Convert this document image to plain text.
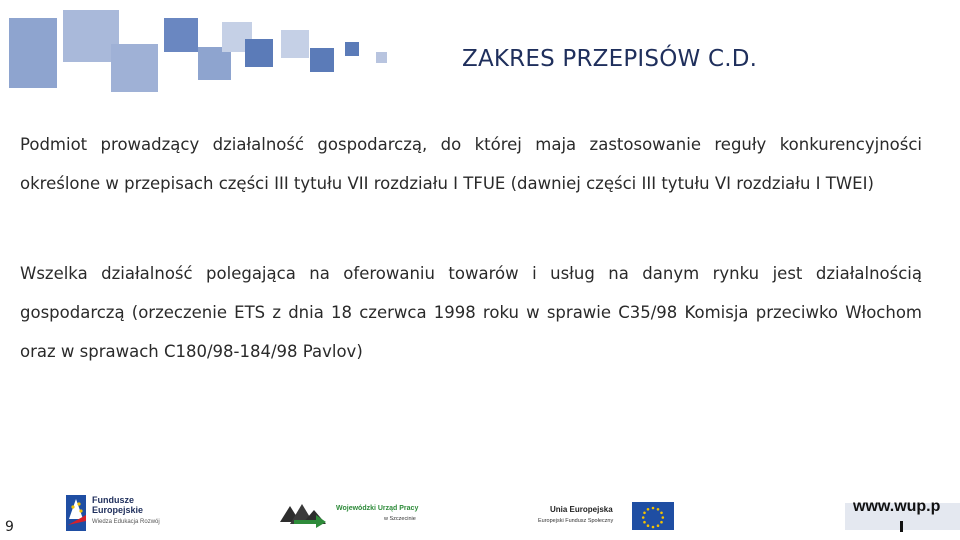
ZAKRES PRZEPISÓW C.D.
Podmiot prowadzący działalność gospodarczą, do której maja zastosowanie reguły konkurencyjności określone w przepisach części III tytułu VII rozdziału I TFUE (dawniej części III tytułu VI rozdziału I TWEI)
Wszelka działalność polegająca na oferowaniu towarów i usług na danym rynku jest działalnością gospodarczą (orzeczenie ETS z dnia 18 czerwca 1998 roku w sprawie C35/98 Komisja przeciwko Włochom oraz w sprawach C180/98-184/98 Pavlov)
9
Fundusze
Europejskie
Wiedza Edukacja Rozwój
Wojewódzki Urząd Pracy
w Szczecinie
Unia Europejska
Europejski Fundusz Społeczny
www.wup.p
